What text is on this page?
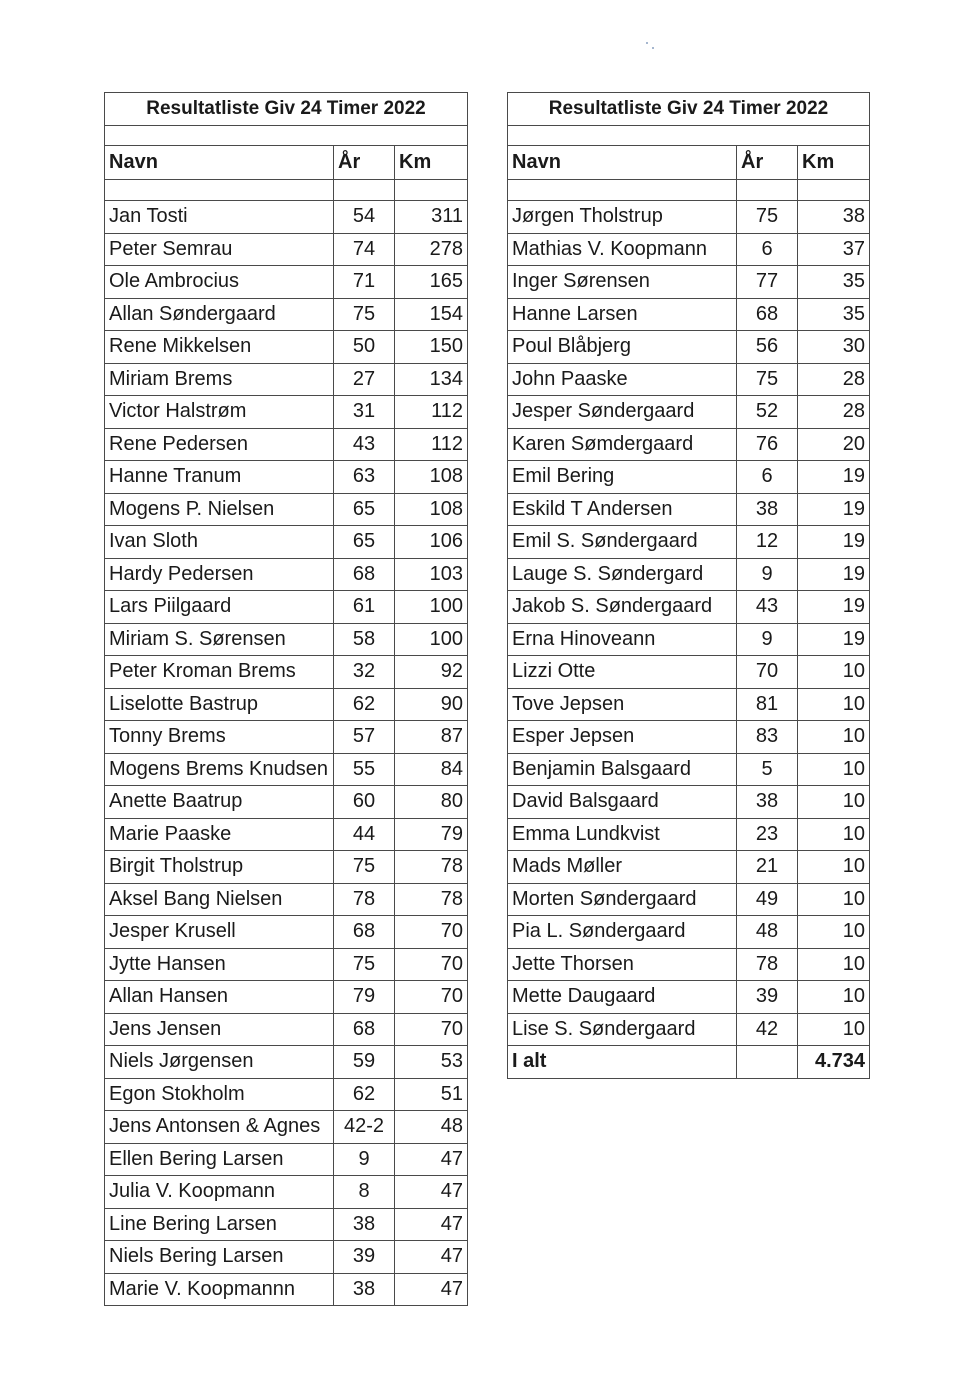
Resultatliste Giv 24 Timer 2022		

Navn	År	Km

Jan Tosti	54	311
Peter Semrau	74	278
Ole Ambrocius	71	165
Allan Søndergaard	75	154
Rene Mikkelsen	50	150
Miriam Brems	27	134
Victor Halstrøm	31	112
Rene Pedersen	43	112
Hanne Tranum	63	108
Mogens P. Nielsen	65	108
Ivan Sloth	65	106
Hardy Pedersen	68	103
Lars Piilgaard	61	100
Miriam S. Sørensen	58	100
Peter Kroman Brems	32	92
Liselotte Bastrup	62	90
Tonny Brems	57	87
Mogens Brems Knudsen	55	84
Anette Baatrup	60	80
Marie Paaske	44	79
Birgit Tholstrup	75	78
Aksel Bang Nielsen	78	78
Jesper Krusell	68	70
Jytte Hansen	75	70
Allan Hansen	79	70
Jens Jensen	68	70
Niels Jørgensen	59	53
Egon Stokholm	62	51
Jens Antonsen & Agnes	42-2	48
Ellen Bering Larsen	9	47
Julia V. Koopmann	8	47
Line Bering Larsen	38	47
Niels Bering Larsen	39	47
Marie V. Koopmannn	38	47
Resultatliste Giv 24 Timer 2022		

Navn	År	Km

Jørgen Tholstrup	75	38
Mathias V. Koopmann	6	37
Inger Sørensen	77	35
Hanne Larsen	68	35
Poul Blåbjerg	56	30
John Paaske	75	28
Jesper Søndergaard	52	28
Karen Sømdergaard	76	20
Emil Bering	6	19
Eskild T Andersen	38	19
Emil S. Søndergaard	12	19
Lauge S. Søndergard	9	19
Jakob S. Søndergaard	43	19
Erna Hinoveann	9	19
Lizzi Otte	70	10
Tove Jepsen	81	10
Esper Jepsen	83	10
Benjamin Balsgaard	5	10
David Balsgaard	38	10
Emma Lundkvist	23	10
Mads Møller	21	10
Morten Søndergaard	49	10
Pia L. Søndergaard	48	10
Jette Thorsen	78	10
Mette Daugaard	39	10
Lise S. Søndergaard	42	10
I alt		4.734
